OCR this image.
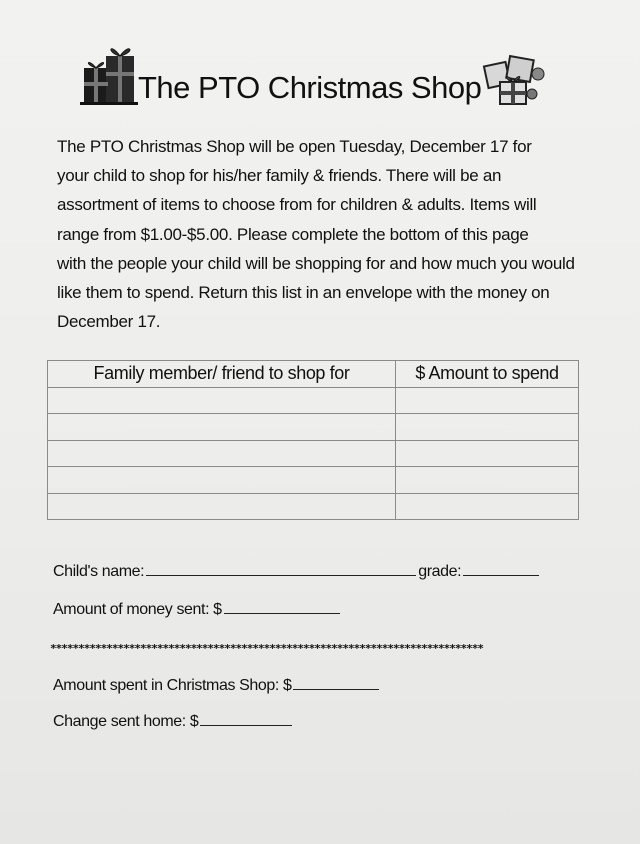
The PTO Christmas Shop
The PTO Christmas Shop will be open Tuesday, December 17 for
your child to shop for his/her family & friends. There will be an
assortment of items to choose from for children & adults. Items will
range from $1.00-$5.00. Please complete the bottom of this page
with the people your child will be shopping for and how much you would
like them to spend. Return this list in an envelope with the money on
December 17.
Family member/ friend to shop for	$ Amount to spend

Child's name:	grade:
Amount of money sent: $
*****************************************************************************
Amount spent in Christmas Shop: $
Change sent home: $
